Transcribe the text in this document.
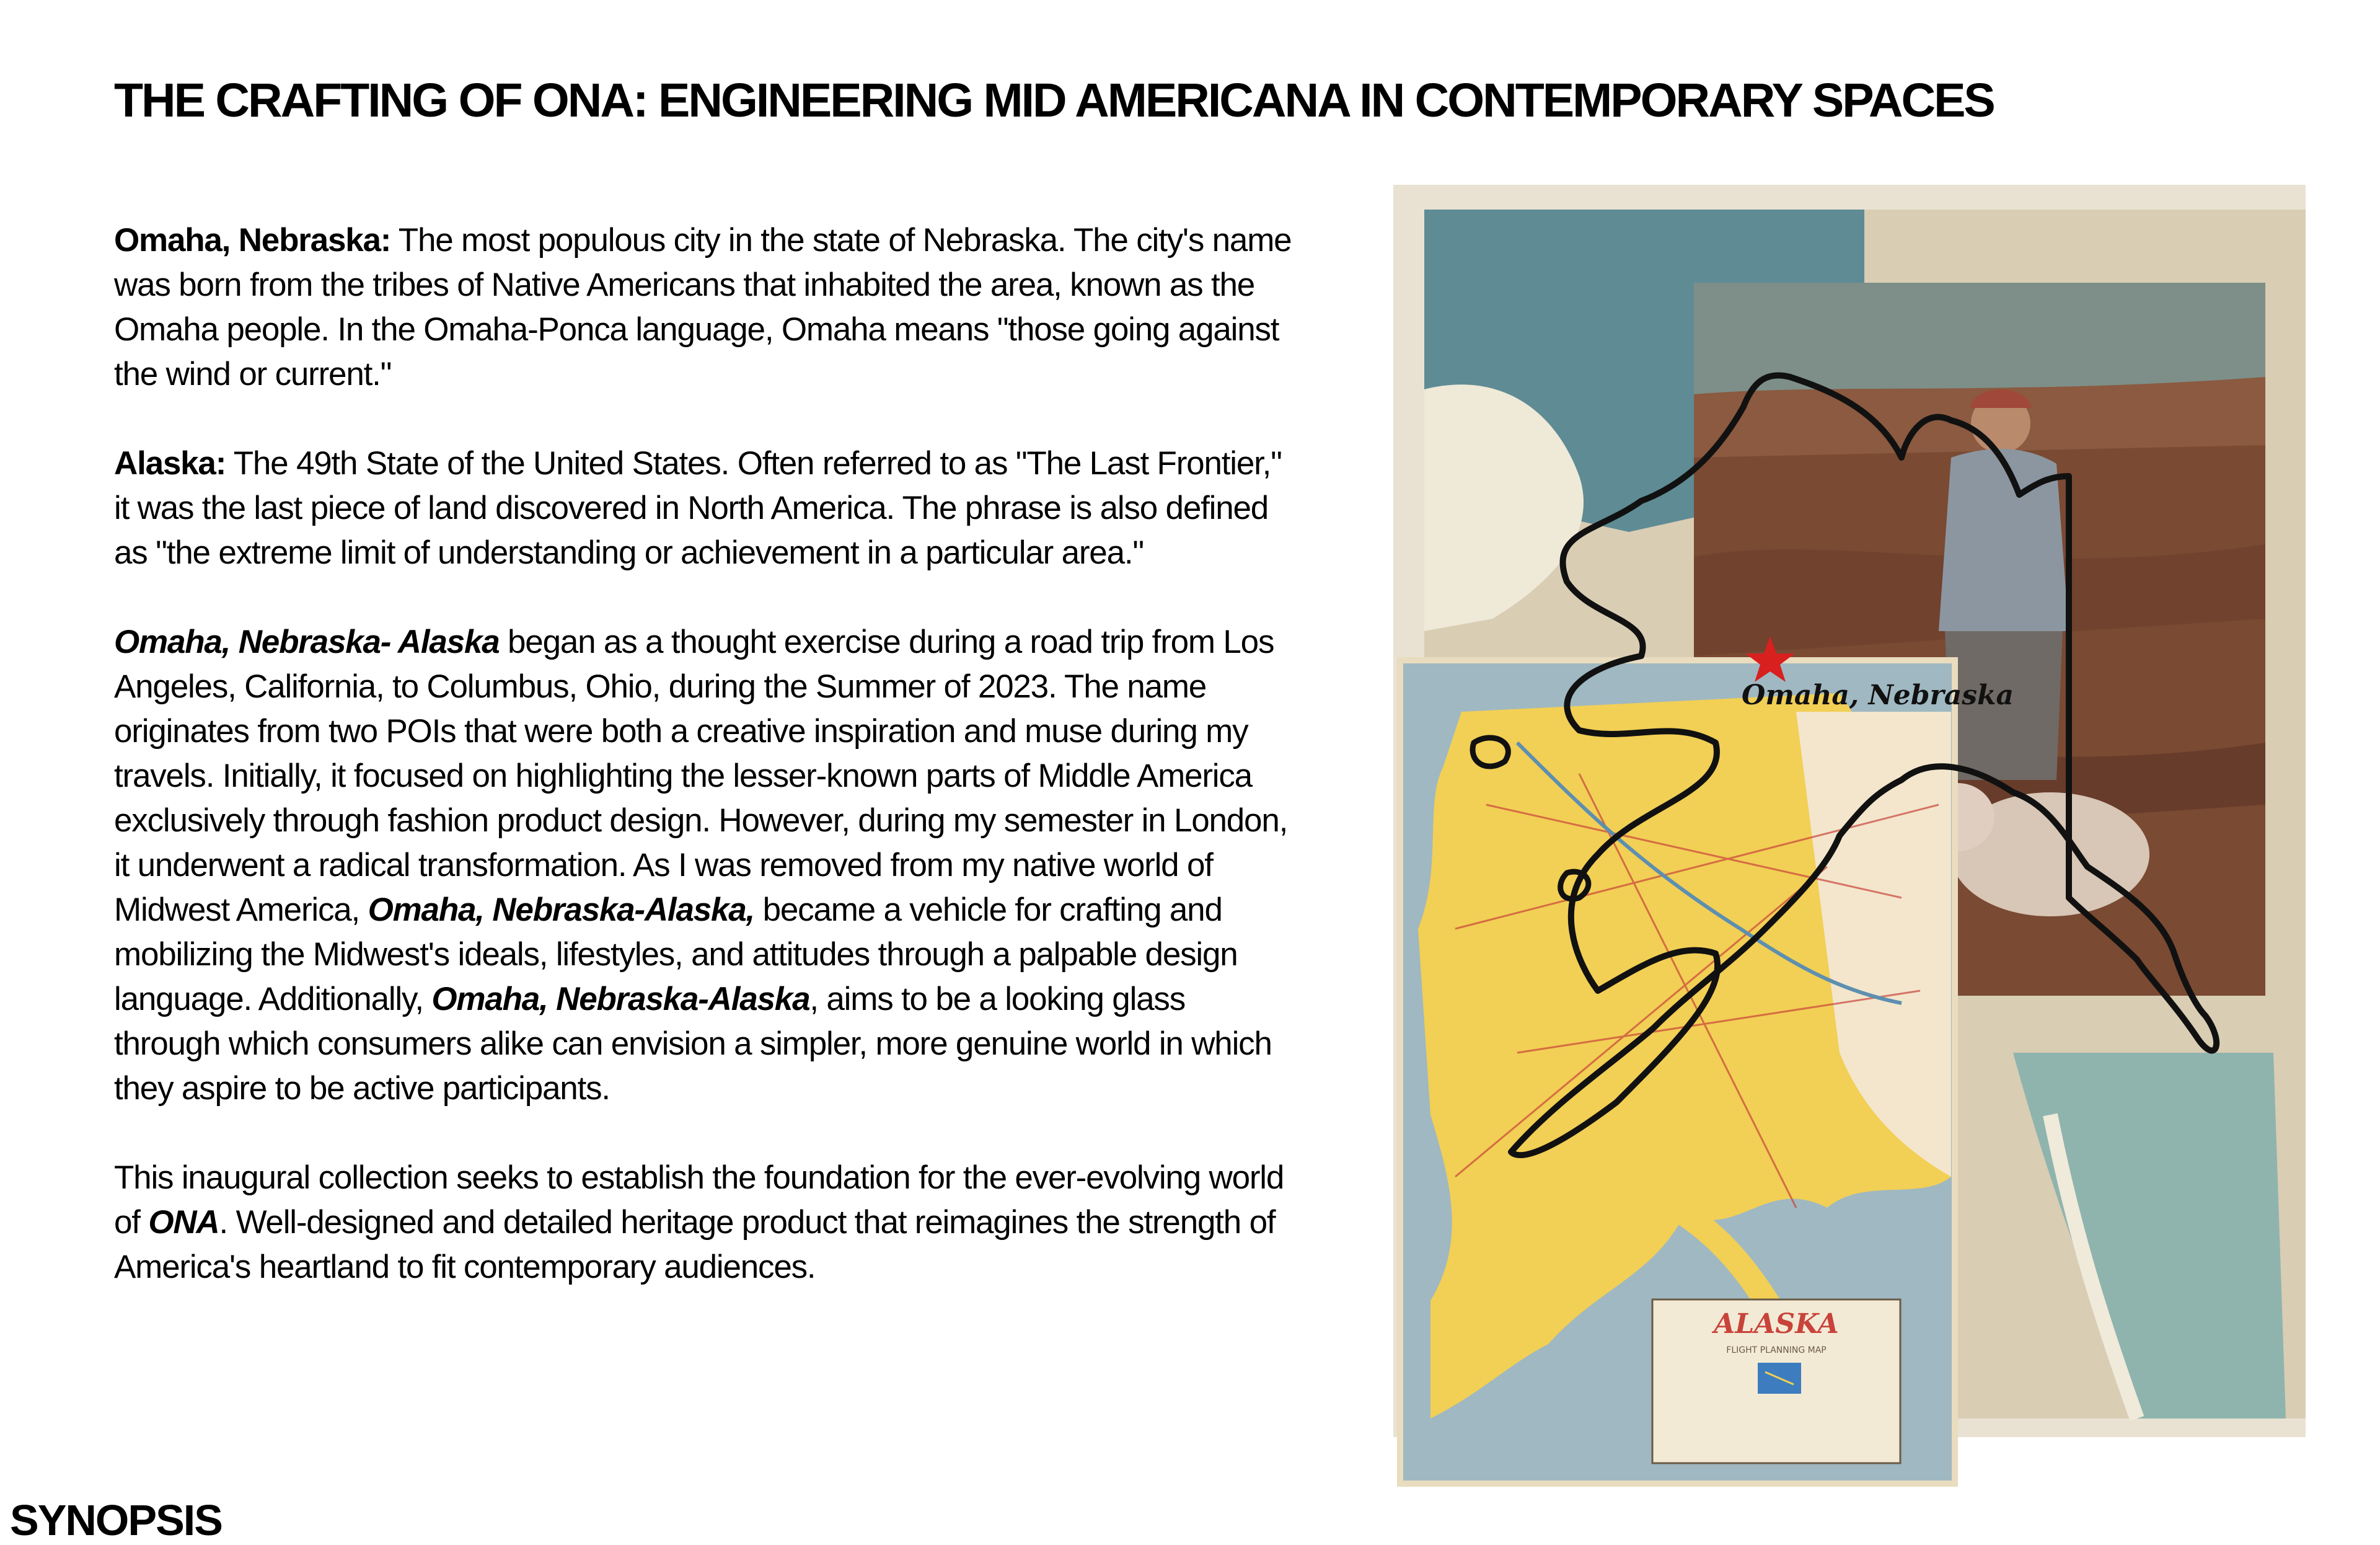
THE CRAFTING OF ONA: ENGINEERING MID AMERICANA IN CONTEMPORARY SPACES

Omaha, Nebraska: The most populous city in the state of Nebraska. The city's name was born from the tribes of Native Americans that inhabited the area, known as the Omaha people. In the Omaha-Ponca language, Omaha means "those going against the wind or current."

Alaska: The 49th State of the United States. Often referred to as "The Last Frontier," it was the last piece of land discovered in North America. The phrase is also defined as "the extreme limit of understanding or achievement in a particular area."

Omaha, Nebraska- Alaska began as a thought exercise during a road trip from Los Angeles, California, to Columbus, Ohio, during the Summer of 2023. The name originates from two POIs that were both a creative inspiration and muse during my travels. Initially, it focused on highlighting the lesser-known parts of Middle America exclusively through fashion product design. However, during my semester in London, it underwent a radical transformation. As I was removed from my native world of Midwest America, Omaha, Nebraska-Alaska, became a vehicle for crafting and mobilizing the Midwest's ideals, lifestyles, and attitudes through a palpable design language. Additionally, Omaha, Nebraska-Alaska, aims to be a looking glass through which consumers alike can envision a simpler, more genuine world in which they aspire to be active participants.

This inaugural collection seeks to establish the foundation for the ever-evolving world of ONA. Well-designed and detailed heritage product that reimagines the strength of America's heartland to fit contemporary audiences.

ALASKA
FLIGHT PLANNING MAP
Omaha, Nebraska
SYNOPSIS
